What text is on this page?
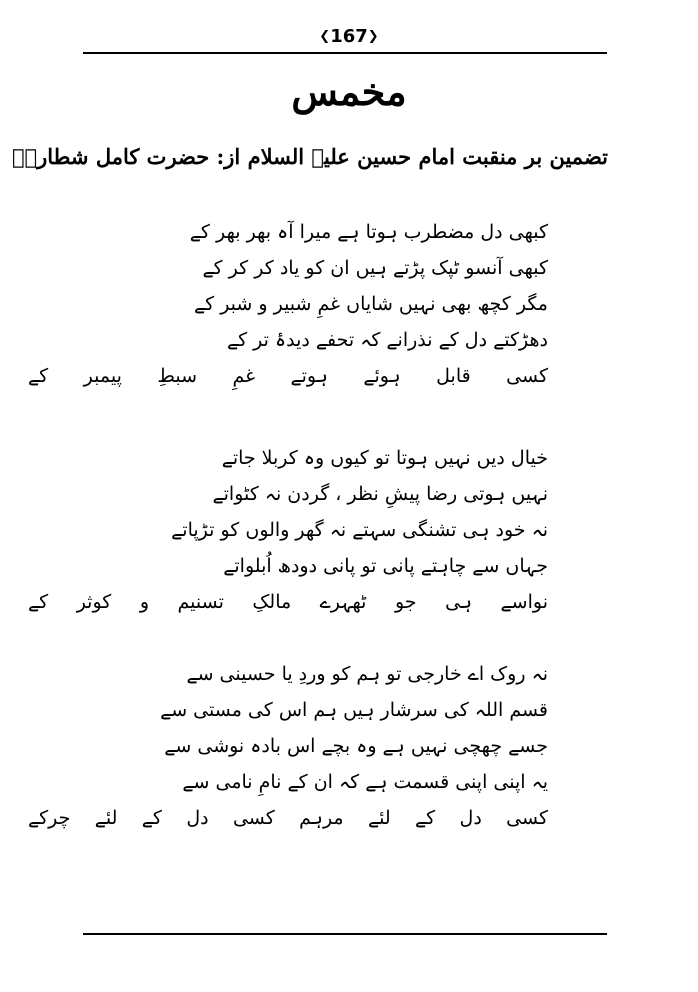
❮167❯
مخمس
تضمین بر منقبت امام حسین علیہ السلام از: حضرت کامل شطاریؒ
کبھی دل مضطرب ہوتا ہے میرا آہ بھر بھر کے
کبھی آنسو ٹپک پڑتے ہیں ان کو یاد کر کر کے
مگر کچھ بھی نہیں شایاں غمِ شبیر و شبر کے
دھڑکتے دل کے نذرانے کہ تحفے دیدۂ تر کے
کسی قابل ہوئے ہوتے غمِ سبطِ پیمبر کے
خیال دیں نہیں ہوتا تو کیوں وہ کربلا جاتے
نہیں ہوتی رضا پیشِ نظر ، گردن نہ کٹواتے
نہ خود ہی تشنگی سہتے نہ گھر والوں کو تڑپاتے
جہاں سے چاہتے پانی تو پانی دودھ اُبلواتے
نواسے ہی جو ٹھہرے مالکِ تسنیم و کوثر کے
نہ روک اے خارجی تو ہم کو وردِ یا حسینی سے
قسم اللہ کی سرشار ہیں ہم اس کی مستی سے
جسے چھچی نہیں ہے وہ بچے اس بادہ نوشی سے
یہ اپنی اپنی قسمت ہے کہ ان کے نامِ نامی سے
کسی دل کے لئے مرہم کسی دل کے لئے چرکے
